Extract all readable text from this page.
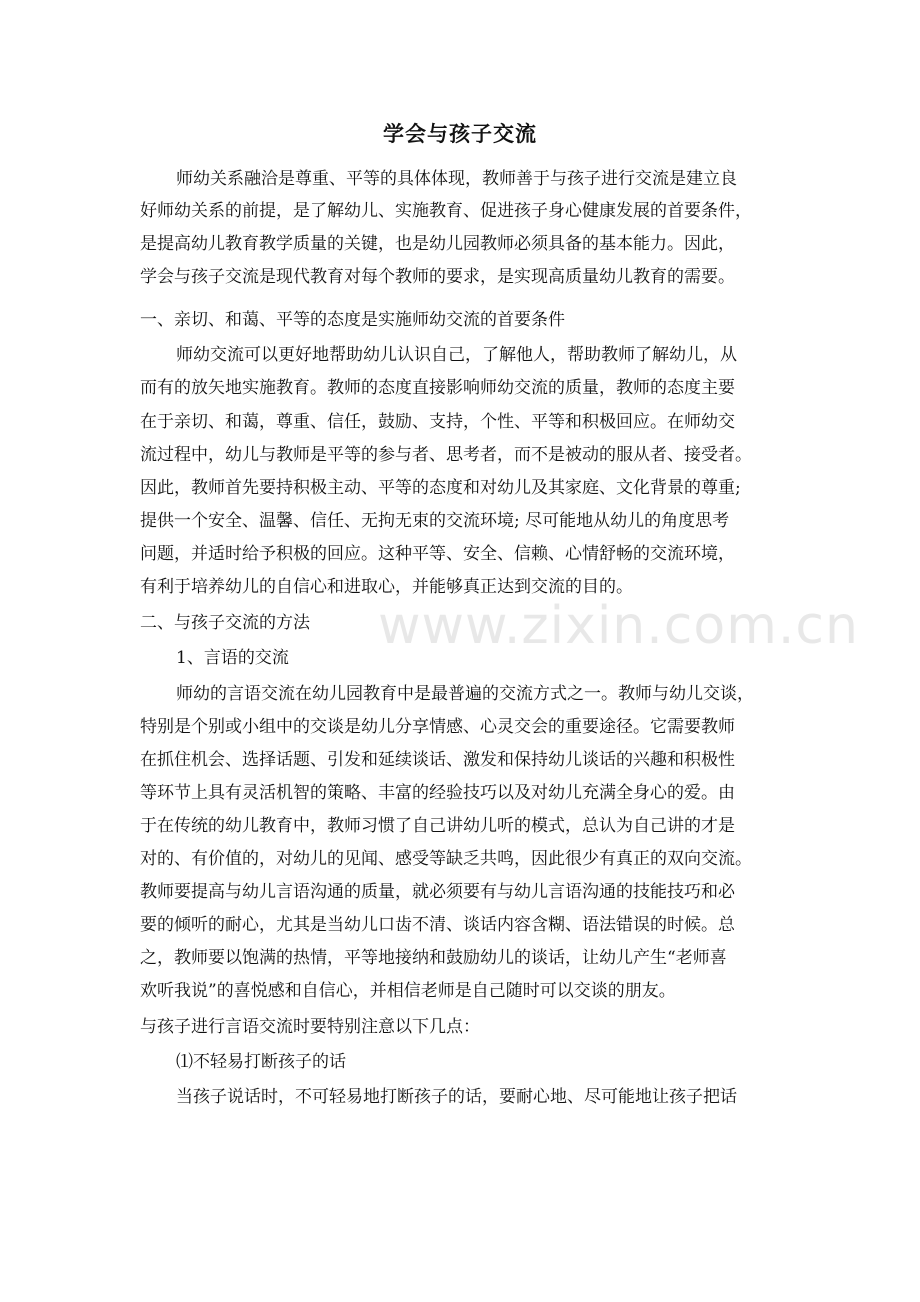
学会与孩子交流
师幼关系融洽是尊重、平等的具体体现，教师善于与孩子进行交流是建立良
好师幼关系的前提，是了解幼儿、实施教育、促进孩子身心健康发展的首要条件，
是提高幼儿教育教学质量的关键，也是幼儿园教师必须具备的基本能力。因此，
学会与孩子交流是现代教育对每个教师的要求，是实现高质量幼儿教育的需要。
一、亲切、和蔼、平等的态度是实施师幼交流的首要条件
师幼交流可以更好地帮助幼儿认识自己，了解他人，帮助教师了解幼儿，从
而有的放矢地实施教育。教师的态度直接影响师幼交流的质量，教师的态度主要
在于亲切、和蔼，尊重、信任，鼓励、支持，个性、平等和积极回应。在师幼交
流过程中，幼儿与教师是平等的参与者、思考者，而不是被动的服从者、接受者。
因此，教师首先要持积极主动、平等的态度和对幼儿及其家庭、文化背景的尊重;
提供一个安全、温馨、信任、无拘无束的交流环境; 尽可能地从幼儿的角度思考
问题，并适时给予积极的回应。这种平等、安全、信赖、心情舒畅的交流环境，
有利于培养幼儿的自信心和进取心，并能够真正达到交流的目的。
二、与孩子交流的方法
1、言语的交流
师幼的言语交流在幼儿园教育中是最普遍的交流方式之一。教师与幼儿交谈，
特别是个别或小组中的交谈是幼儿分享情感、心灵交会的重要途径。它需要教师
在抓住机会、选择话题、引发和延续谈话、激发和保持幼儿谈话的兴趣和积极性
等环节上具有灵活机智的策略、丰富的经验技巧以及对幼儿充满全身心的爱。由
于在传统的幼儿教育中，教师习惯了自己讲幼儿听的模式，总认为自己讲的才是
对的、有价值的，对幼儿的见闻、感受等缺乏共鸣，因此很少有真正的双向交流。
教师要提高与幼儿言语沟通的质量，就必须要有与幼儿言语沟通的技能技巧和必
要的倾听的耐心，尤其是当幼儿口齿不清、谈话内容含糊、语法错误的时候。总
之，教师要以饱满的热情，平等地接纳和鼓励幼儿的谈话，让幼儿产生“老师喜
欢听我说”的喜悦感和自信心，并相信老师是自己随时可以交谈的朋友。
与孩子进行言语交流时要特别注意以下几点：
⑴不轻易打断孩子的话
当孩子说话时，不可轻易地打断孩子的话，要耐心地、尽可能地让孩子把话
www.zixin.com.cn
